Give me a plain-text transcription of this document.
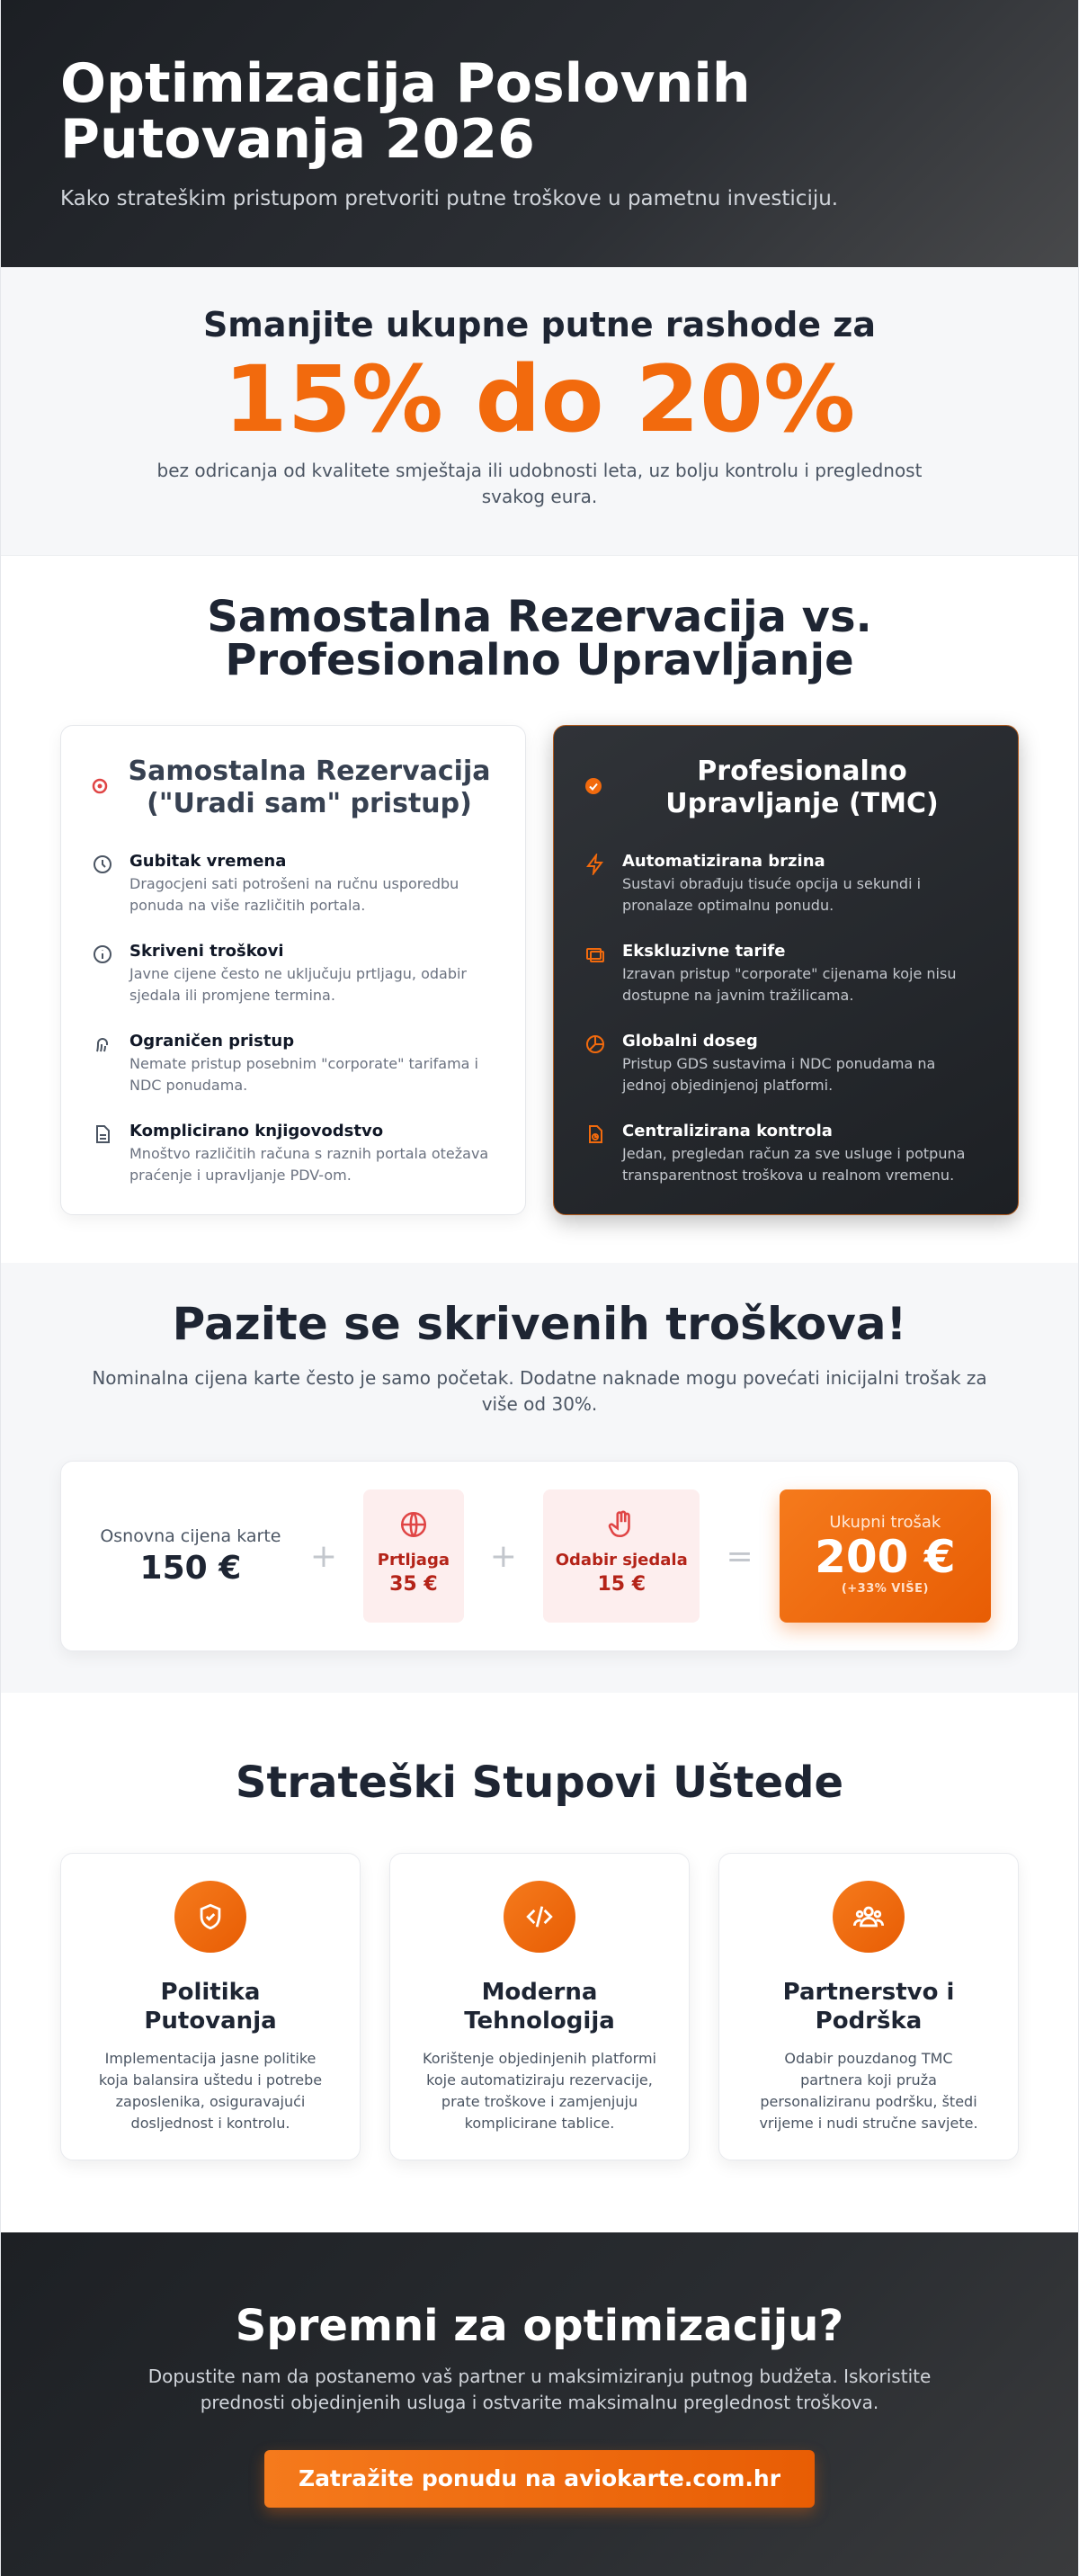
Optimizacija Poslovnih Putovanja 2026

Kako strateškim pristupom pretvoriti putne troškove u pametnu investiciju.

Smanjite ukupne putne rashode za
15% do 20%
bez odricanja od kvalitete smještaja ili udobnosti leta, uz bolju kontrolu i preglednost svakog eura.
Samostalna Rezervacija vs. Profesionalno Upravljanje
Samostalna Rezervacija ("Uradi sam" pristup)
Gubitak vremena
Dragocjeni sati potrošeni na ručnu usporedbu ponuda na više različitih portala.
Skriveni troškovi
Javne cijene često ne uključuju prtljagu, odabir sjedala ili promjene termina.
Ograničen pristup
Nemate pristup posebnim "corporate" tarifama i NDC ponudama.
Komplicirano knjigovodstvo
Mnoštvo različitih računa s raznih portala otežava praćenje i upravljanje PDV-om.
Profesionalno Upravljanje (TMC)
Automatizirana brzina
Sustavi obrađuju tisuće opcija u sekundi i pronalaze optimalnu ponudu.
Ekskluzivne tarife
Izravan pristup "corporate" cijenama koje nisu dostupne na javnim tražilicama.
Globalni doseg
Pristup GDS sustavima i NDC ponudama na jednoj objedinjenoj platformi.
Centralizirana kontrola
Jedan, pregledan račun za sve usluge i potpuna transparentnost troškova u realnom vremenu.
Pazite se skrivenih troškova!
Nominalna cijena karte često je samo početak. Dodatne naknade mogu povećati inicijalni trošak za više od 30%.
Osnovna cijena karte
150 €	+	Prtljaga
35 €
+	Odabir sjedala
15 €
=
Ukupni trošak
200 €
(+33% VIŠE)
Strateški Stupovi Uštede
Politika Putovanja

Implementacija jasne politike koja balansira uštedu i potrebe zaposlenika, osiguravajući dosljednost i kontrolu.

Moderna Tehnologija

Korištenje objedinjenih platformi koje automatiziraju rezervacije, prate troškove i zamjenjuju komplicirane tablice.

Partnerstvo i Podrška

Odabir pouzdanog TMC partnera koji pruža personaliziranu podršku, štedi vrijeme i nudi stručne savjete.

Spremni za optimizaciju?

Dopustite nam da postanemo vaš partner u maksimiziranju putnog budžeta. Iskoristite prednosti objedinjenih usluga i ostvarite maksimalnu preglednost troškova.

Zatražite ponudu na aviokarte.com.hr
